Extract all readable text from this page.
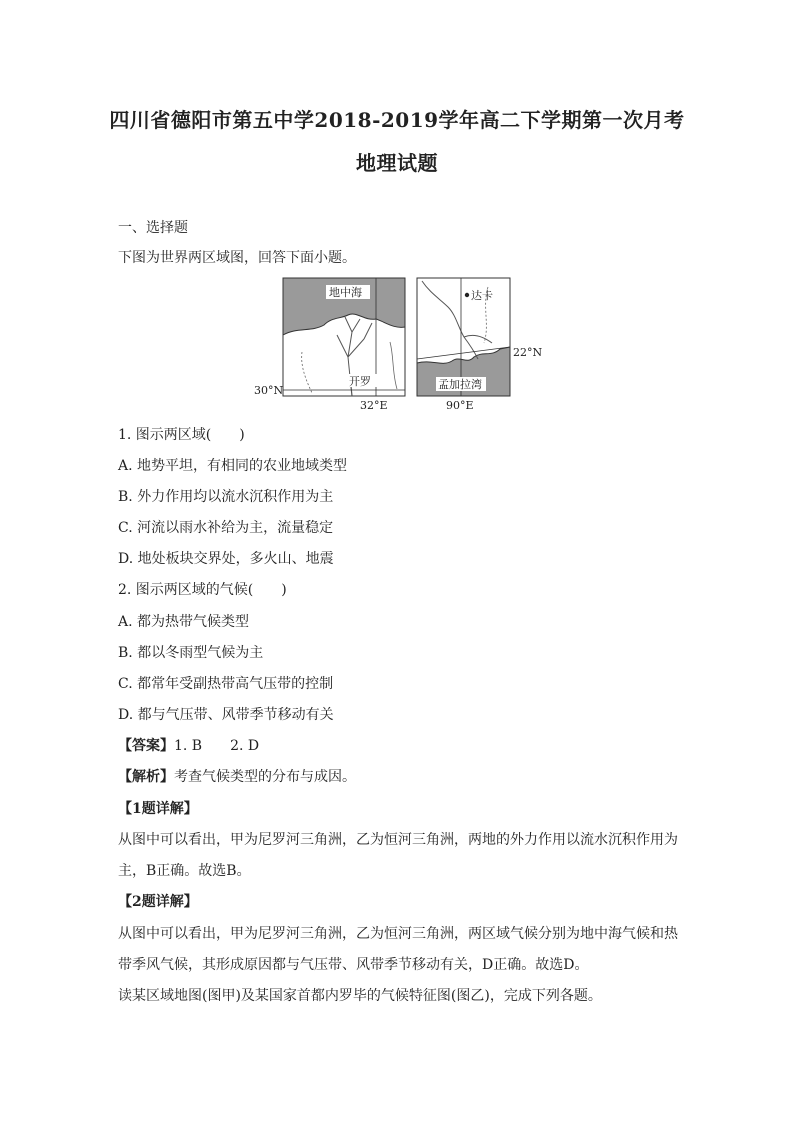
四川省德阳市第五中学2018-2019学年高二下学期第一次月考
地理试题
一、选择题
下图为世界两区域图，回答下面小题。
地中海
开罗
30°N
32°E
达卡
孟加拉湾
22°N
90°E
1. 图示两区域(　　)
A. 地势平坦，有相同的农业地域类型
B. 外力作用均以流水沉积作用为主
C. 河流以雨水补给为主，流量稳定
D. 地处板块交界处，多火山、地震
2. 图示两区域的气候(　　)
A. 都为热带气候类型
B. 都以冬雨型气候为主
C. 都常年受副热带高气压带的控制
D. 都与气压带、风带季节移动有关
【答案】1. B　　2. D
【解析】考查气候类型的分布与成因。
【1题详解】
从图中可以看出，甲为尼罗河三角洲，乙为恒河三角洲，两地的外力作用以流水沉积作用为
主，B正确。故选B。
【2题详解】
从图中可以看出，甲为尼罗河三角洲，乙为恒河三角洲，两区域气候分别为地中海气候和热
带季风气候，其形成原因都与气压带、风带季节移动有关，D正确。故选D。
读某区域地图(图甲)及某国家首都内罗毕的气候特征图(图乙)，完成下列各题。
